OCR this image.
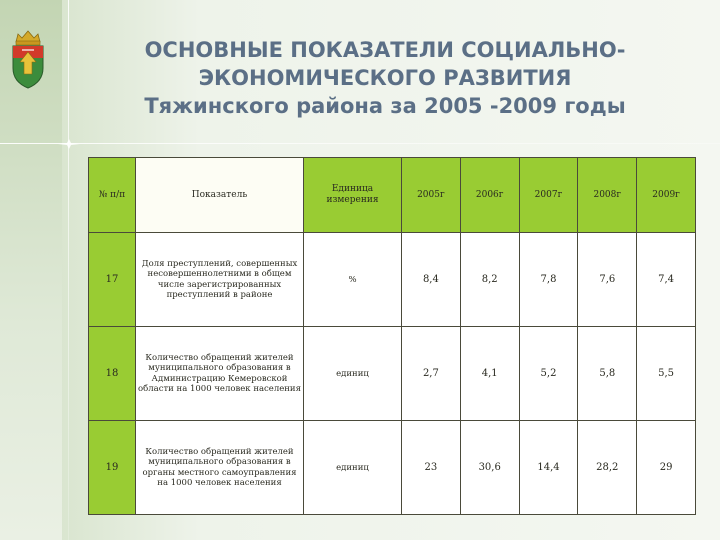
ОСНОВНЫЕ ПОКАЗАТЕЛИ СОЦИАЛЬНО-
ЭКОНОМИЧЕСКОГО РАЗВИТИЯ
Тяжинского района за 2005 -2009 годы
№ п/п	Показатель	Единица измерения	2005г	2006г	2007г	2008г	2009г
17	Доля преступлений, совершенных несовершеннолетними в общем числе зарегистрированных преступлений в районе	%	8,4	8,2	7,8	7,6	7,4
18	Количество обращений жителей муниципального образования в Администрацию Кемеровской области на 1000 человек населения	единиц	2,7	4,1	5,2	5,8	5,5
19	Количество обращений жителей муниципального образования в органы местного самоуправления на 1000 человек населения	единиц	23	30,6	14,4	28,2	29
